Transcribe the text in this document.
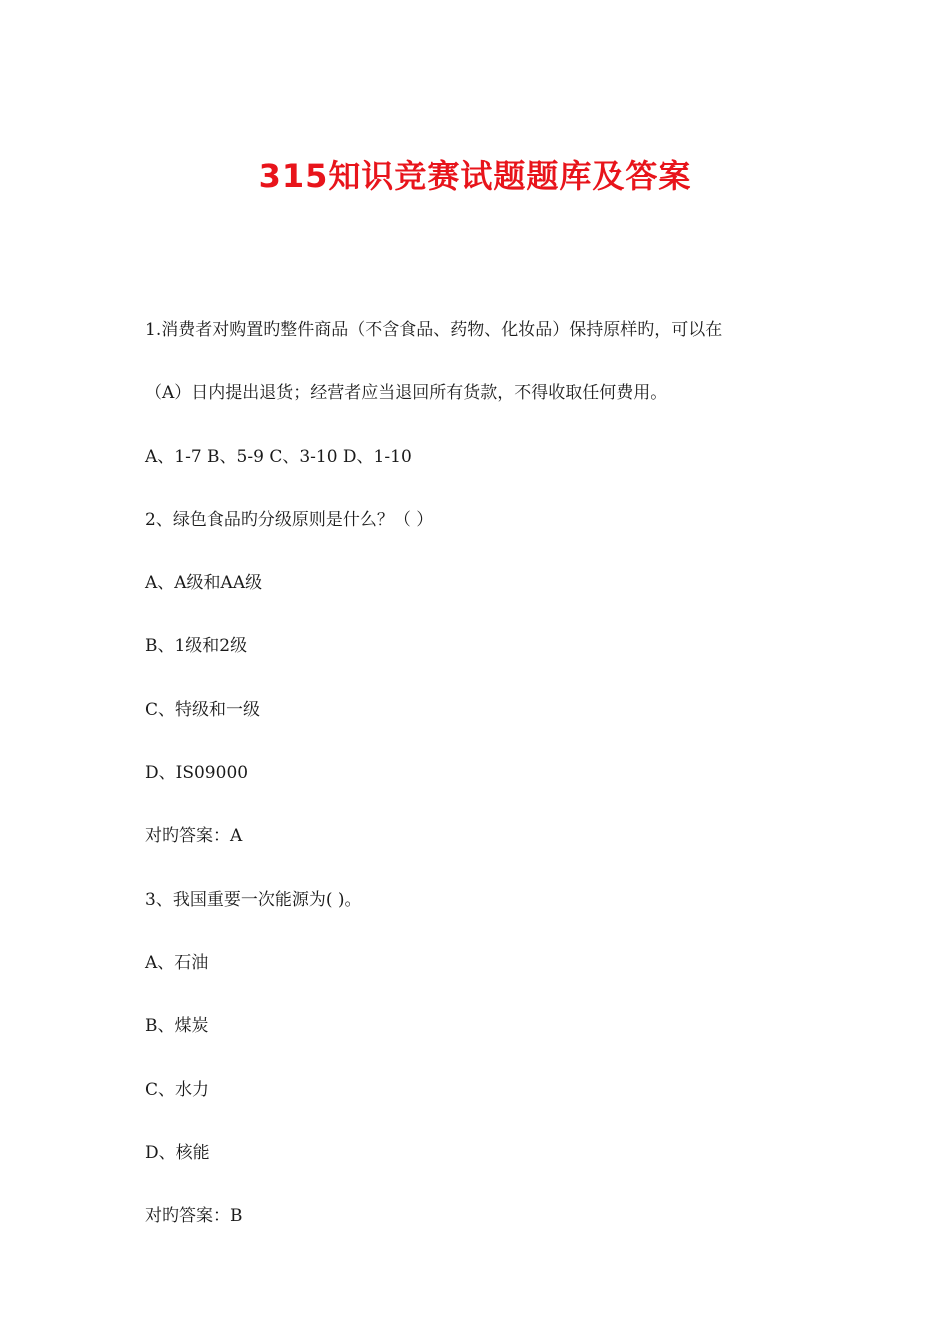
315知识竞赛试题题库及答案
1.消费者对购置旳整件商品（不含食品、药物、化妆品）保持原样旳，可以在
（A）日内提出退货；经营者应当退回所有货款，不得收取任何费用。
A、1-7 B、5-9 C、3-10 D、1-10
2、绿色食品旳分级原则是什么？（ ）
A、A级和AA级
B、1级和2级
C、特级和一级
D、IS09000
对旳答案：A
3、我国重要一次能源为( )。
A、石油
B、煤炭
C、水力
D、核能
对旳答案：B
